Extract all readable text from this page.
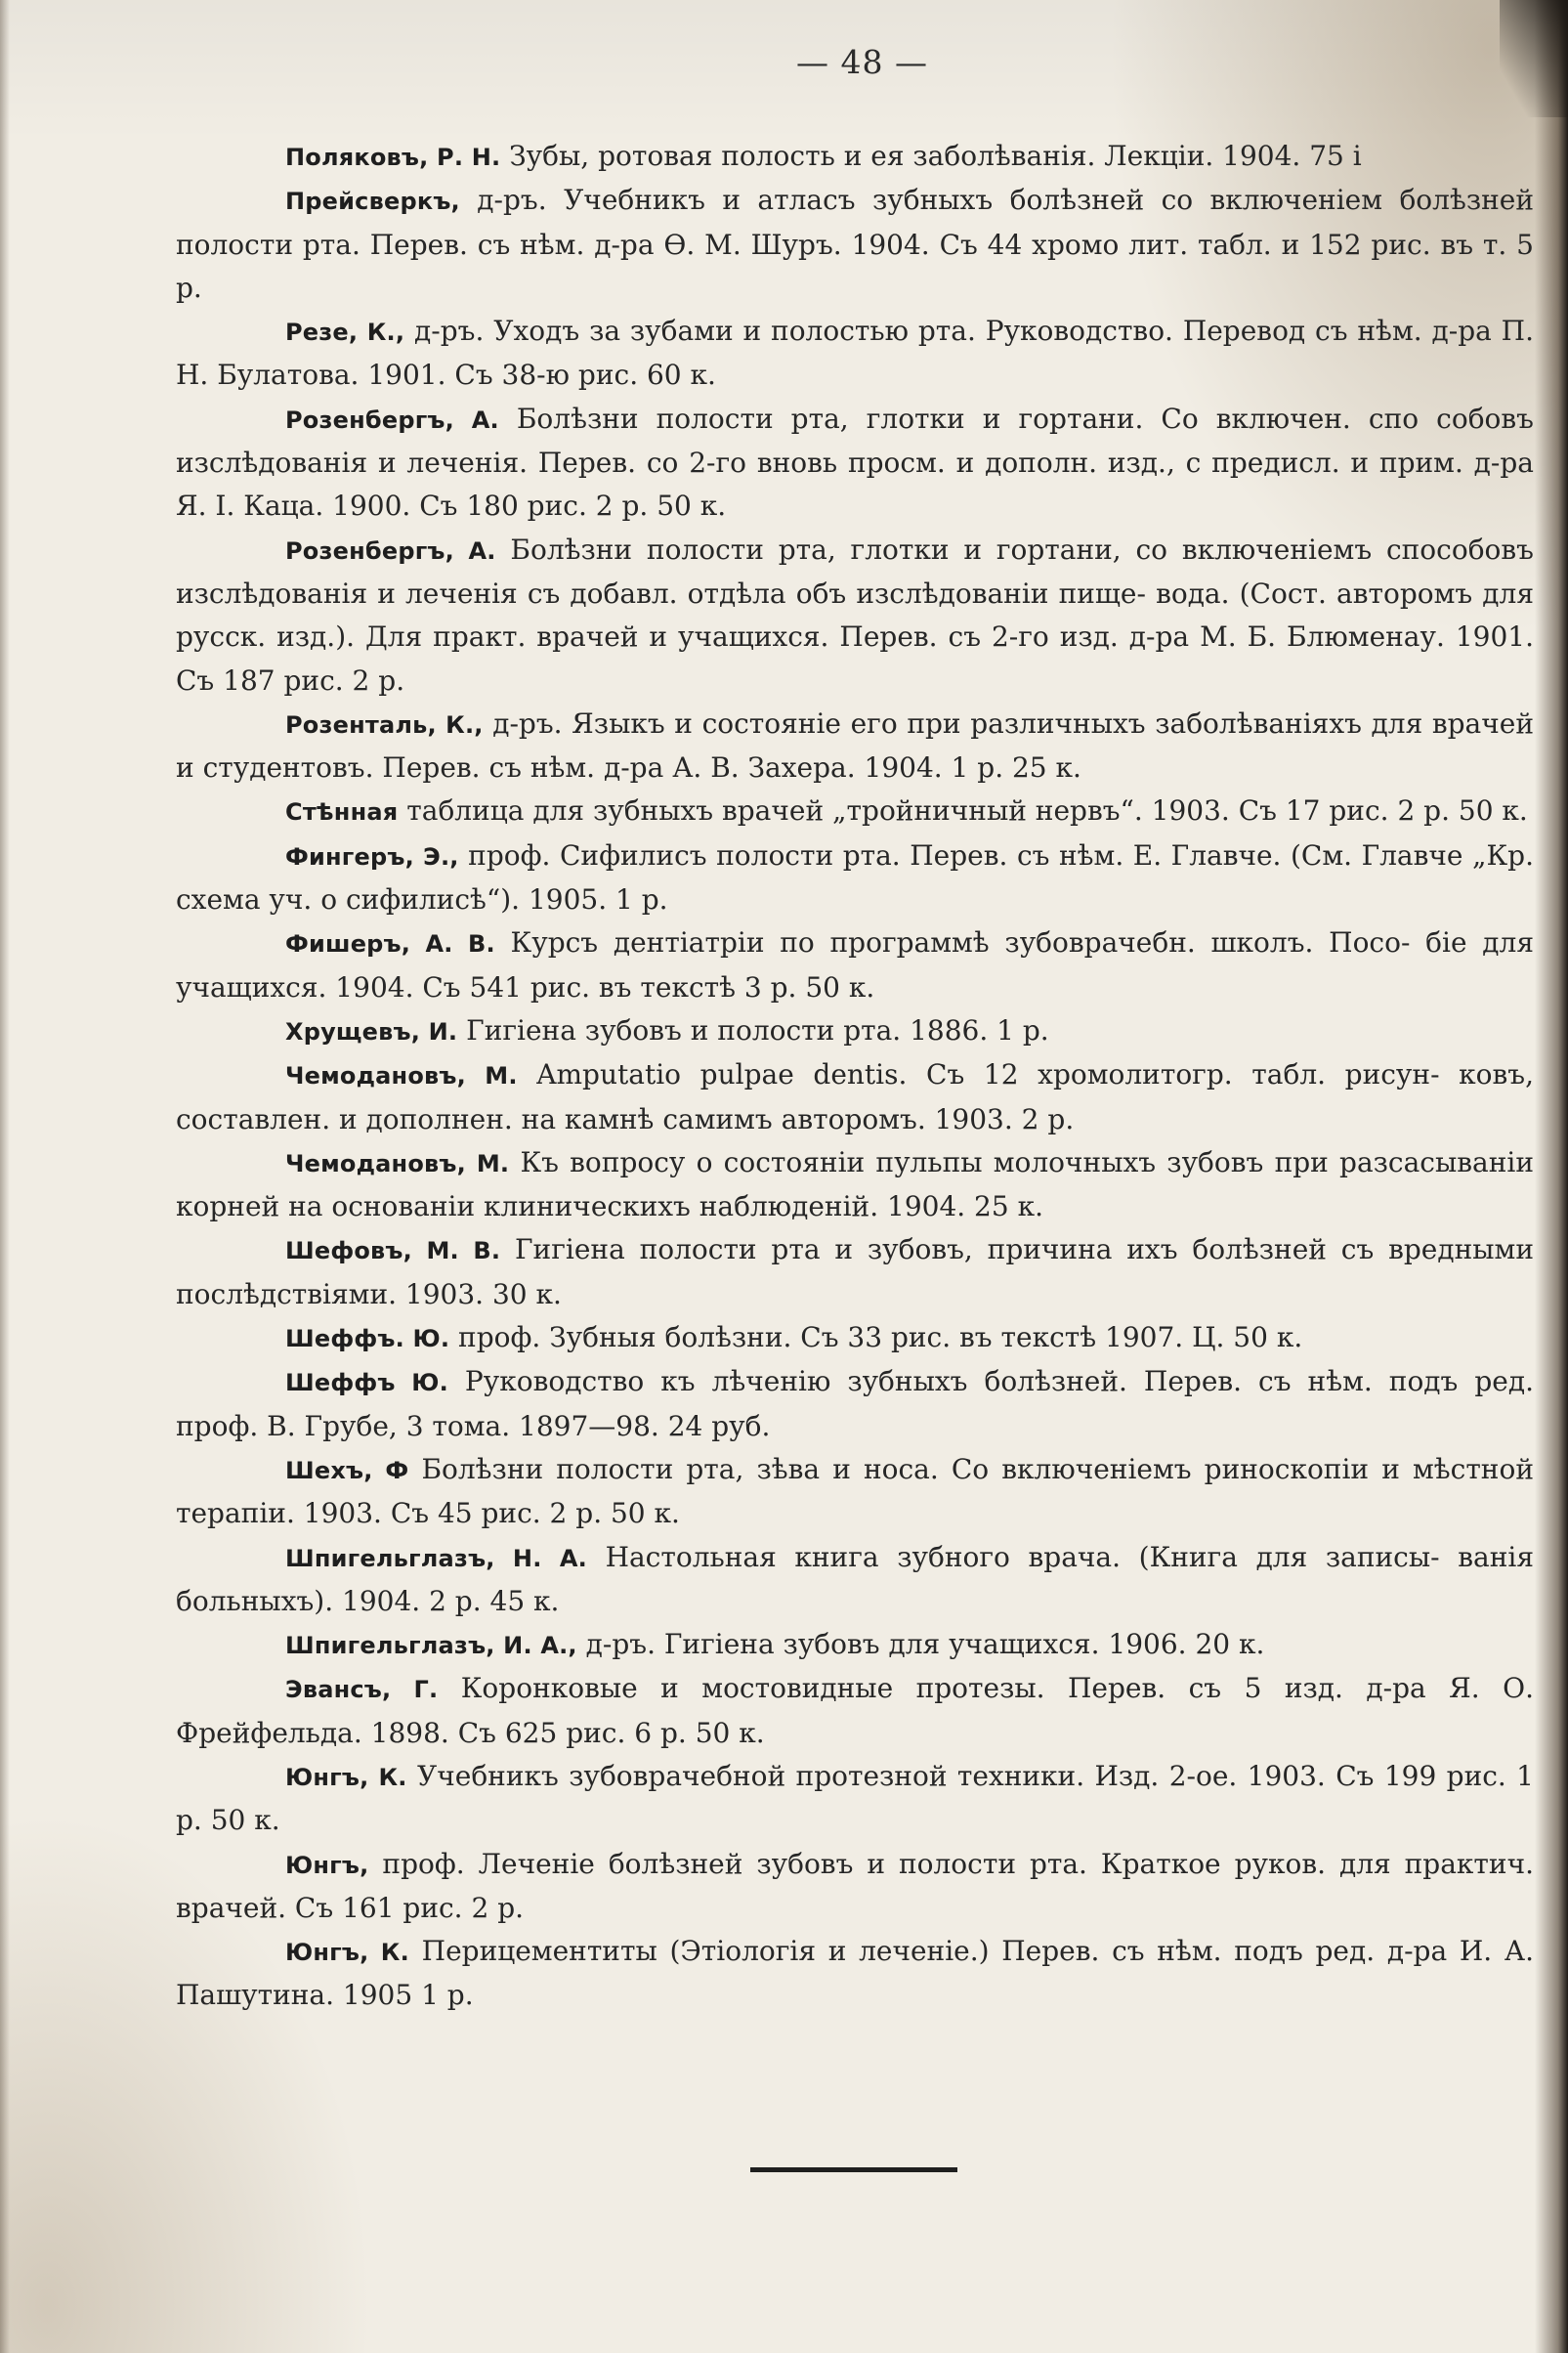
— 48 —

Поляковъ, Р. Н. Зубы, ротовая полость и ея заболѣванія. Лекціи. 1904. 75 і

Прейсверкъ, д-ръ. Учебникъ и атласъ зубныхъ болѣзней со включеніем болѣзней полости рта. Перев. съ нѣм. д-ра Ѳ. М. Шуръ. 1904. Съ 44 хромо лит. табл. и 152 рис. въ т. 5 р.

Резе, К., д-ръ. Уходъ за зубами и полостью рта. Руководство. Перевод съ нѣм. д-ра П. Н. Булатова. 1901. Съ 38-ю рис. 60 к.

Розенбергъ, А. Болѣзни полости рта, глотки и гортани. Со включен. спо собовъ изслѣдованія и леченія. Перев. со 2-го вновь просм. и дополн. изд., с предисл. и прим. д-ра Я. І. Каца. 1900. Съ 180 рис. 2 р. 50 к.

Розенбергъ, А. Болѣзни полости рта, глотки и гортани, со включеніемъ способовъ изслѣдованія и леченія съ добавл. отдѣла объ изслѣдованіи пище- вода. (Сост. авторомъ для русск. изд.). Для практ. врачей и учащихся. Перев. съ 2-го изд. д-ра М. Б. Блюменау. 1901. Съ 187 рис. 2 р.

Розенталь, К., д-ръ. Языкъ и состояніе его при различныхъ заболѣваніяхъ для врачей и студентовъ. Перев. съ нѣм. д-ра А. В. Захера. 1904. 1 р. 25 к.

Стѣнная таблица для зубныхъ врачей „тройничный нервъ“. 1903. Съ 17 рис. 2 р. 50 к.

Фингеръ, Э., проф. Сифилисъ полости рта. Перев. съ нѣм. Е. Главче. (См. Главче „Кр. схема уч. о сифилисѣ“). 1905. 1 р.

Фишеръ, А. В. Курсъ дентіатріи по программѣ зубоврачебн. школъ. Посо- біе для учащихся. 1904. Съ 541 рис. въ текстѣ 3 р. 50 к.

Хрущевъ, И. Гигіена зубовъ и полости рта. 1886. 1 р.

Чемодановъ, М. Amputatio pulpae dentis. Съ 12 хромолитогр. табл. рисун- ковъ, составлен. и дополнен. на камнѣ самимъ авторомъ. 1903. 2 р.

Чемодановъ, М. Къ вопросу о состояніи пульпы молочныхъ зубовъ при разсасываніи корней на основаніи клиническихъ наблюденій. 1904. 25 к.

Шефовъ, М. В. Гигіена полости рта и зубовъ, причина ихъ болѣзней съ вредными послѣдствіями. 1903. 30 к.

Шеффъ. Ю. проф. Зубныя болѣзни. Съ 33 рис. въ текстѣ 1907. Ц. 50 к.

Шеффъ Ю. Руководство къ лѣченію зубныхъ болѣзней. Перев. съ нѣм. подъ ред. проф. В. Грубе, 3 тома. 1897—98. 24 руб.

Шехъ, Ф Болѣзни полости рта, зѣва и носа. Со включеніемъ риноскопіи и мѣстной терапіи. 1903. Съ 45 рис. 2 р. 50 к.

Шпигельглазъ, Н. А. Настольная книга зубного врача. (Книга для записы- ванія больныхъ). 1904. 2 р. 45 к.

Шпигельглазъ, И. А., д-ръ. Гигіена зубовъ для учащихся. 1906. 20 к.

Эвансъ, Г. Коронковые и мостовидные протезы. Перев. съ 5 изд. д-ра Я. О. Фрейфельда. 1898. Съ 625 рис. 6 р. 50 к.

Юнгъ, К. Учебникъ зубоврачебной протезной техники. Изд. 2-ое. 1903. Съ 199 рис. 1 р. 50 к.

Юнгъ, проф. Леченіе болѣзней зубовъ и полости рта. Краткое руков. для практич. врачей. Съ 161 рис. 2 р.

Юнгъ, К. Перицементиты (Этіологія и леченіе.) Перев. съ нѣм. подъ ред. д-ра И. А. Пашутина. 1905 1 р.
